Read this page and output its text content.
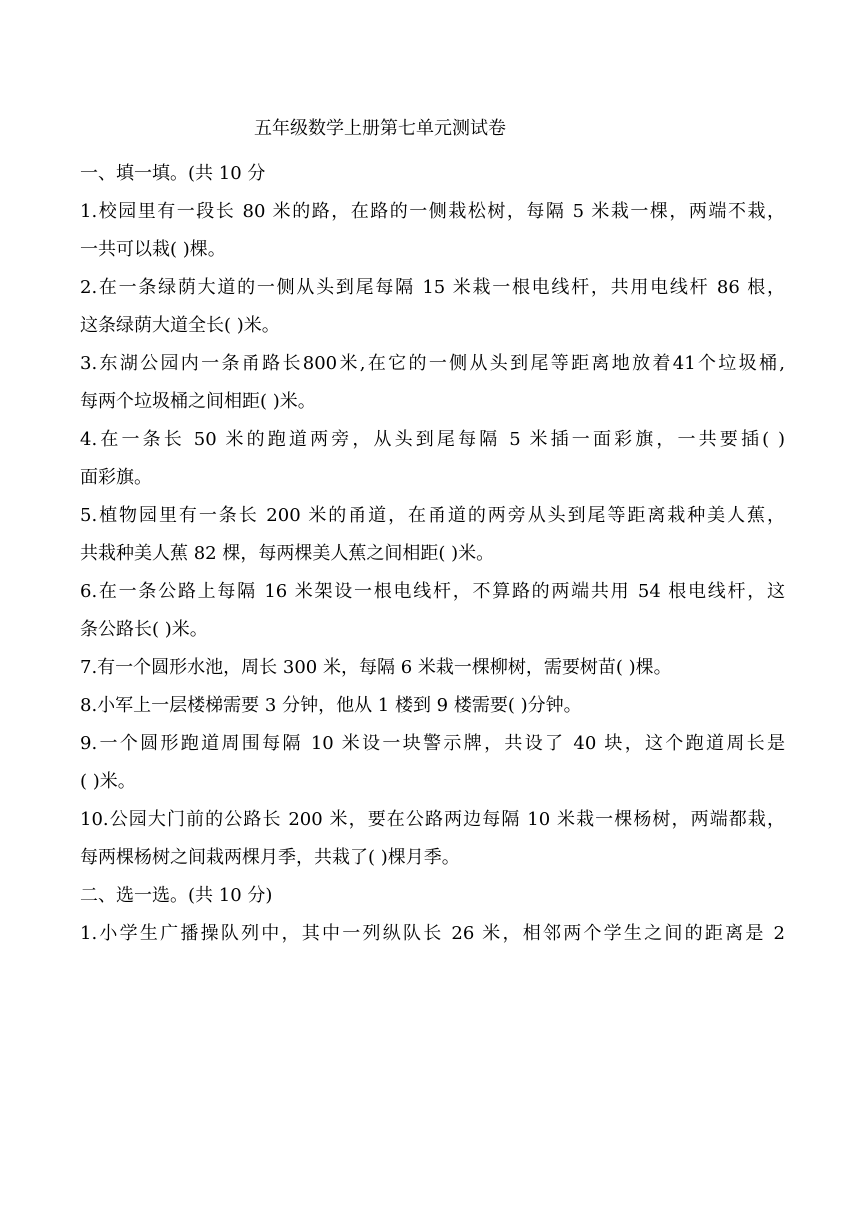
五年级数学上册第七单元测试卷
一、填一填。(共 10 分
1.校园里有一段长 80 米的路，在路的一侧栽松树，每隔 5 米栽一棵，两端不栽，
一共可以栽( )棵。
2.在一条绿荫大道的一侧从头到尾每隔 15 米栽一根电线杆，共用电线杆 86 根，
这条绿荫大道全长( )米。
3.东湖公园内一条甬路长800米,在它的一侧从头到尾等距离地放着41个垃圾桶,
每两个垃圾桶之间相距( )米。
4.在一条长 50 米的跑道两旁，从头到尾每隔 5 米插一面彩旗，一共要插( )
面彩旗。
5.植物园里有一条长 200 米的甬道，在甬道的两旁从头到尾等距离栽种美人蕉，
共栽种美人蕉 82 棵，每两棵美人蕉之间相距( )米。
6.在一条公路上每隔 16 米架设一根电线杆，不算路的两端共用 54 根电线杆，这
条公路长( )米。
7.有一个圆形水池，周长 300 米，每隔 6 米栽一棵柳树，需要树苗( )棵。
8.小军上一层楼梯需要 3 分钟，他从 1 楼到 9 楼需要( )分钟。
9.一个圆形跑道周围每隔 10 米设一块警示牌，共设了 40 块，这个跑道周长是
( )米。
10.公园大门前的公路长 200 米，要在公路两边每隔 10 米栽一棵杨树，两端都栽，
每两棵杨树之间栽两棵月季，共栽了( )棵月季。
二、选一选。(共 10 分)
1.小学生广播操队列中，其中一列纵队长 26 米，相邻两个学生之间的距离是 2
